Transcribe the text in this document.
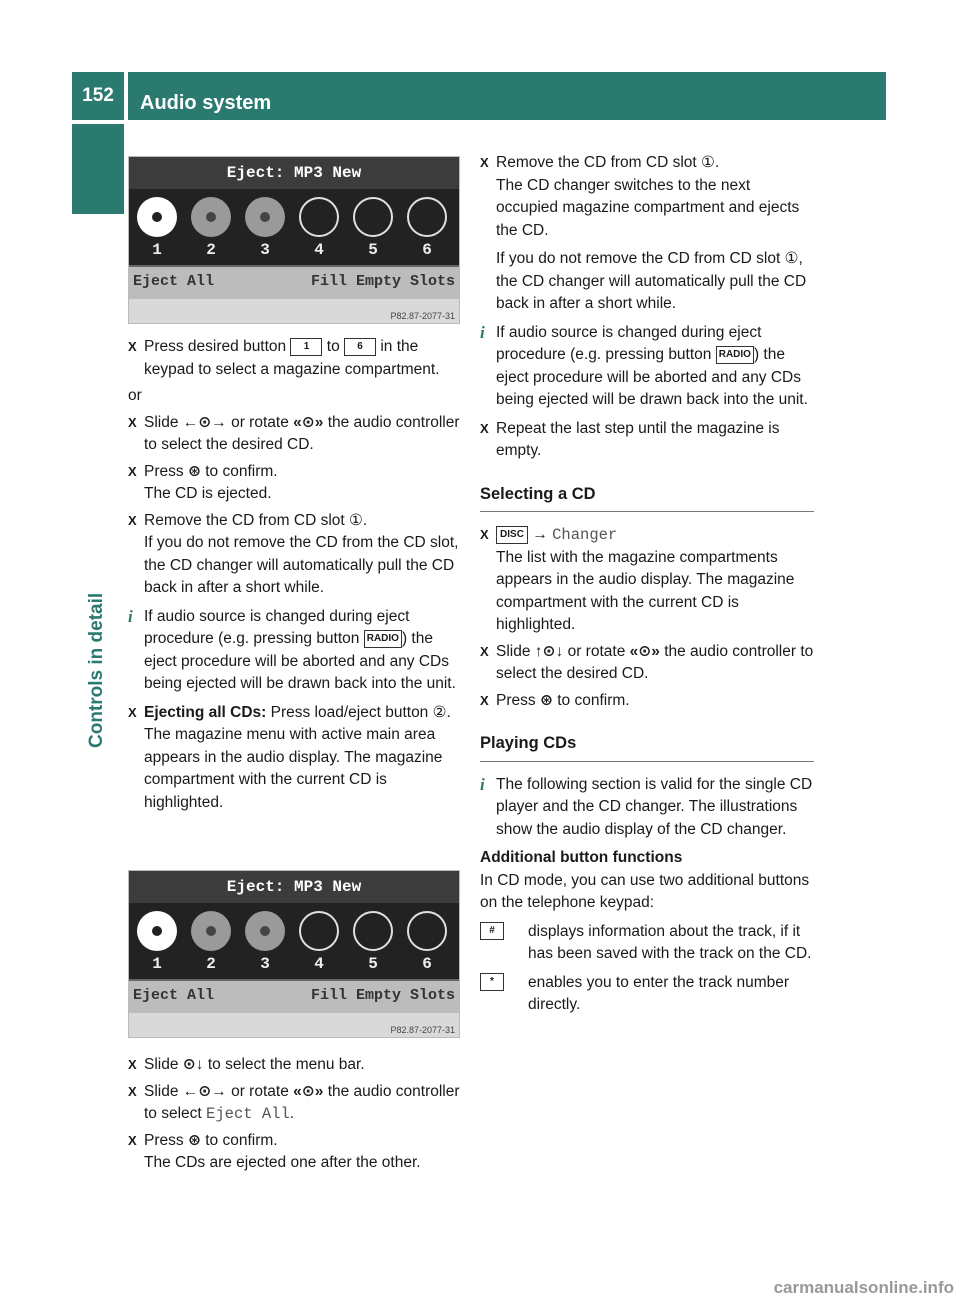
152	Audio system
Controls in detail
Eject: MP3 New
1	2	3	4	5	6
Eject All	Fill Empty Slots
P82.87-2077-31
Eject: MP3 New
1	2	3	4	5	6
Eject All	Fill Empty Slots
P82.87-2077-31
X Press desired button 1 to 6 in the keypad to select a magazine compartment.
or
X Slide ←⊙→ or rotate «⊙» the audio controller to select the desired CD.
X Press ⊛ to confirm.
The CD is ejected.
X Remove the CD from CD slot ①.
If you do not remove the CD from the CD slot, the CD changer will automatically pull the CD back in after a short while.
i If audio source is changed during eject procedure (e.g. pressing button RADIO ) the eject procedure will be aborted and any CDs being ejected will be drawn back into the unit.
X Ejecting all CDs: Press load/eject button ②.
The magazine menu with active main area appears in the audio display. The magazine compartment with the current CD is highlighted.
X Slide ⊙↓ to select the menu bar.
X Slide ←⊙→ or rotate «⊙» the audio controller to select Eject All.
X Press ⊛ to confirm.
The CDs are ejected one after the other.
X Remove the CD from CD slot ①.
The CD changer switches to the next occupied magazine compartment and ejects the CD.
If you do not remove the CD from CD slot ①, the CD changer will automatically pull the CD back in after a short while.
i If audio source is changed during eject procedure (e.g. pressing button RADIO ) the eject procedure will be aborted and any CDs being ejected will be drawn back into the unit.
X Repeat the last step until the magazine is empty.
Selecting a CD
X DISC → Changer
The list with the magazine compartments appears in the audio display. The magazine compartment with the current CD is highlighted.
X Slide ↑⊙↓ or rotate «⊙» the audio controller to select the desired CD.
X Press ⊛ to confirm.
Playing CDs
i The following section is valid for the single CD player and the CD changer. The illustrations show the audio display of the CD changer.
Additional button functions
In CD mode, you can use two additional buttons on the telephone keypad:
#	displays information about the track, if it has been saved with the track on the CD.
*	enables you to enter the track number directly.
carmanualsonline.info
